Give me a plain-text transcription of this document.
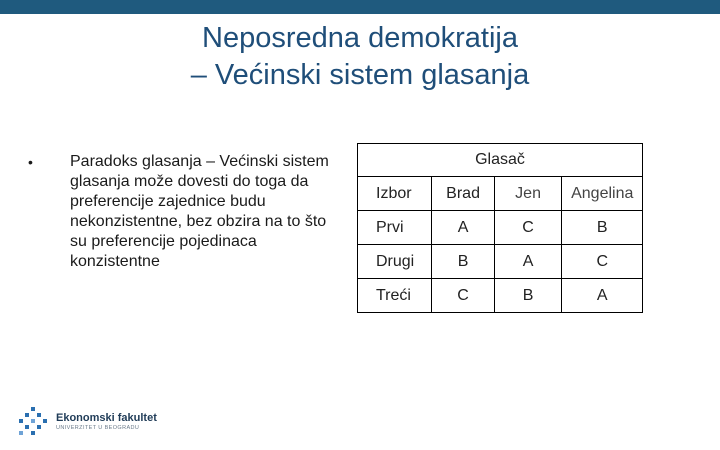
Neposredna demokratija
– Većinski sistem glasanja
•	Paradoks glasanja – Većinski sistem glasanja može dovesti do toga da preferencije zajednice budu nekonzistentne, bez obzira na to što su preferencije pojedinaca konzistentne
Glasač			
Izbor	Brad	Jen	Angelina
Prvi	A	C	B
Drugi	B	A	C
Treći	C	B	A
Ekonomski fakultet
UNIVERZITET U BEOGRADU
